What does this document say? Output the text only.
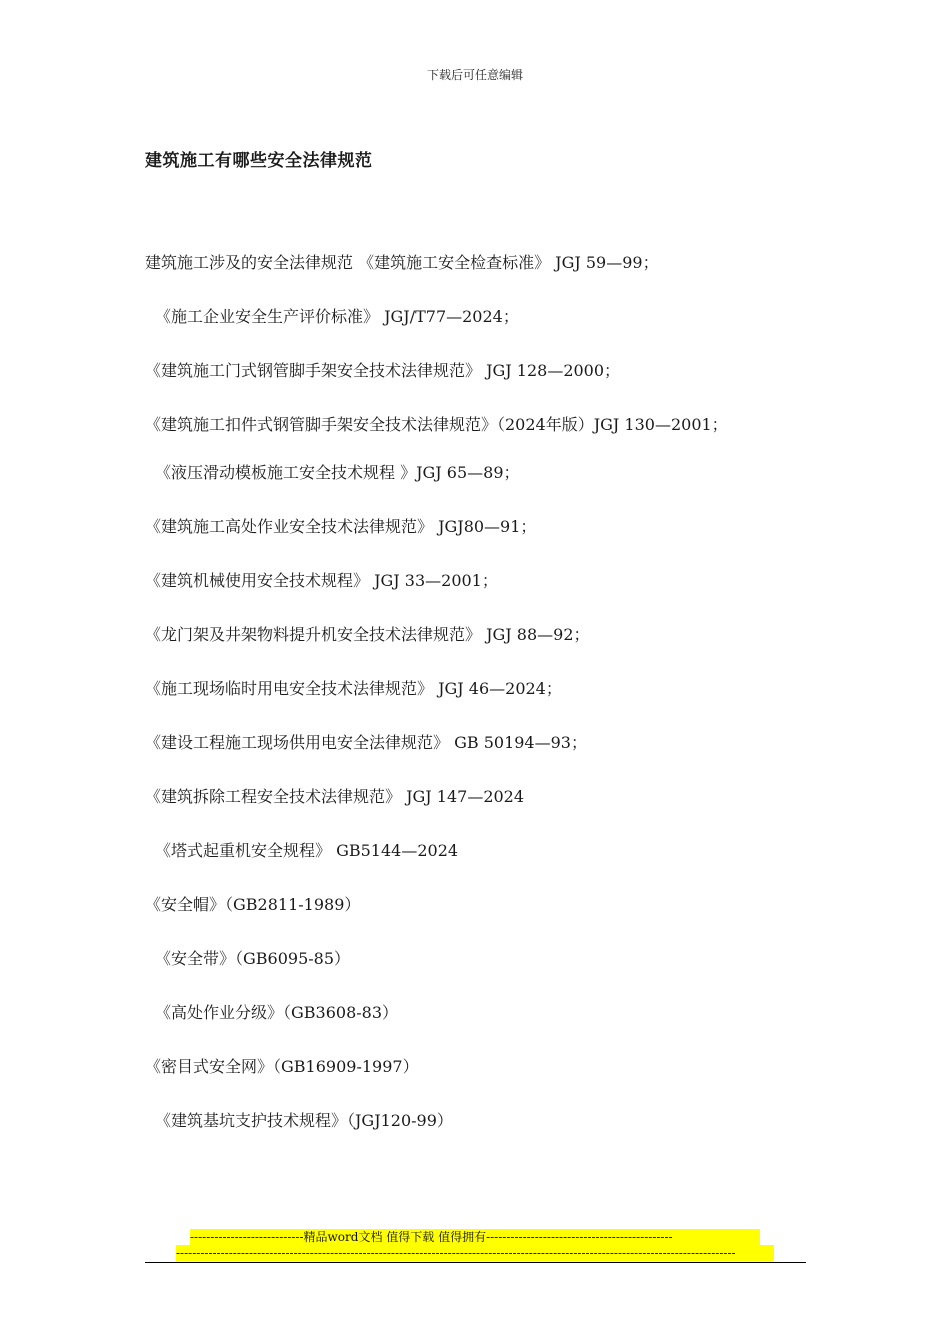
下载后可任意编辑
建筑施工有哪些安全法律规范
建筑施工涉及的安全法律规范 《建筑施工安全检查标准》 JGJ 59—99；
《施工企业安全生产评价标准》 JGJ/T77—2024；
《建筑施工门式钢管脚手架安全技术法律规范》 JGJ 128—2000；
《建筑施工扣件式钢管脚手架安全技术法律规范》（2024年版）JGJ 130—2001；
《液压滑动模板施工安全技术规程 》JGJ 65—89；
《建筑施工高处作业安全技术法律规范》 JGJ80—91；
《建筑机械使用安全技术规程》 JGJ 33—2001；
《龙门架及井架物料提升机安全技术法律规范》 JGJ 88—92；
《施工现场临时用电安全技术法律规范》 JGJ 46—2024；
《建设工程施工现场供用电安全法律规范》 GB 50194—93；
《建筑拆除工程安全技术法律规范》 JGJ 147—2024
《塔式起重机安全规程》 GB5144—2024
《安全帽》（GB2811-1989）
《安全带》（GB6095-85）
《高处作业分级》（GB3608-83）
《密目式安全网》（GB16909-1997）
《建筑基坑支护技术规程》（JGJ120-99）
----------------------------精品word文档 值得下载 值得拥有----------------------------------------------
------------------------------------------------------------------------------------------------------------------------------------------
